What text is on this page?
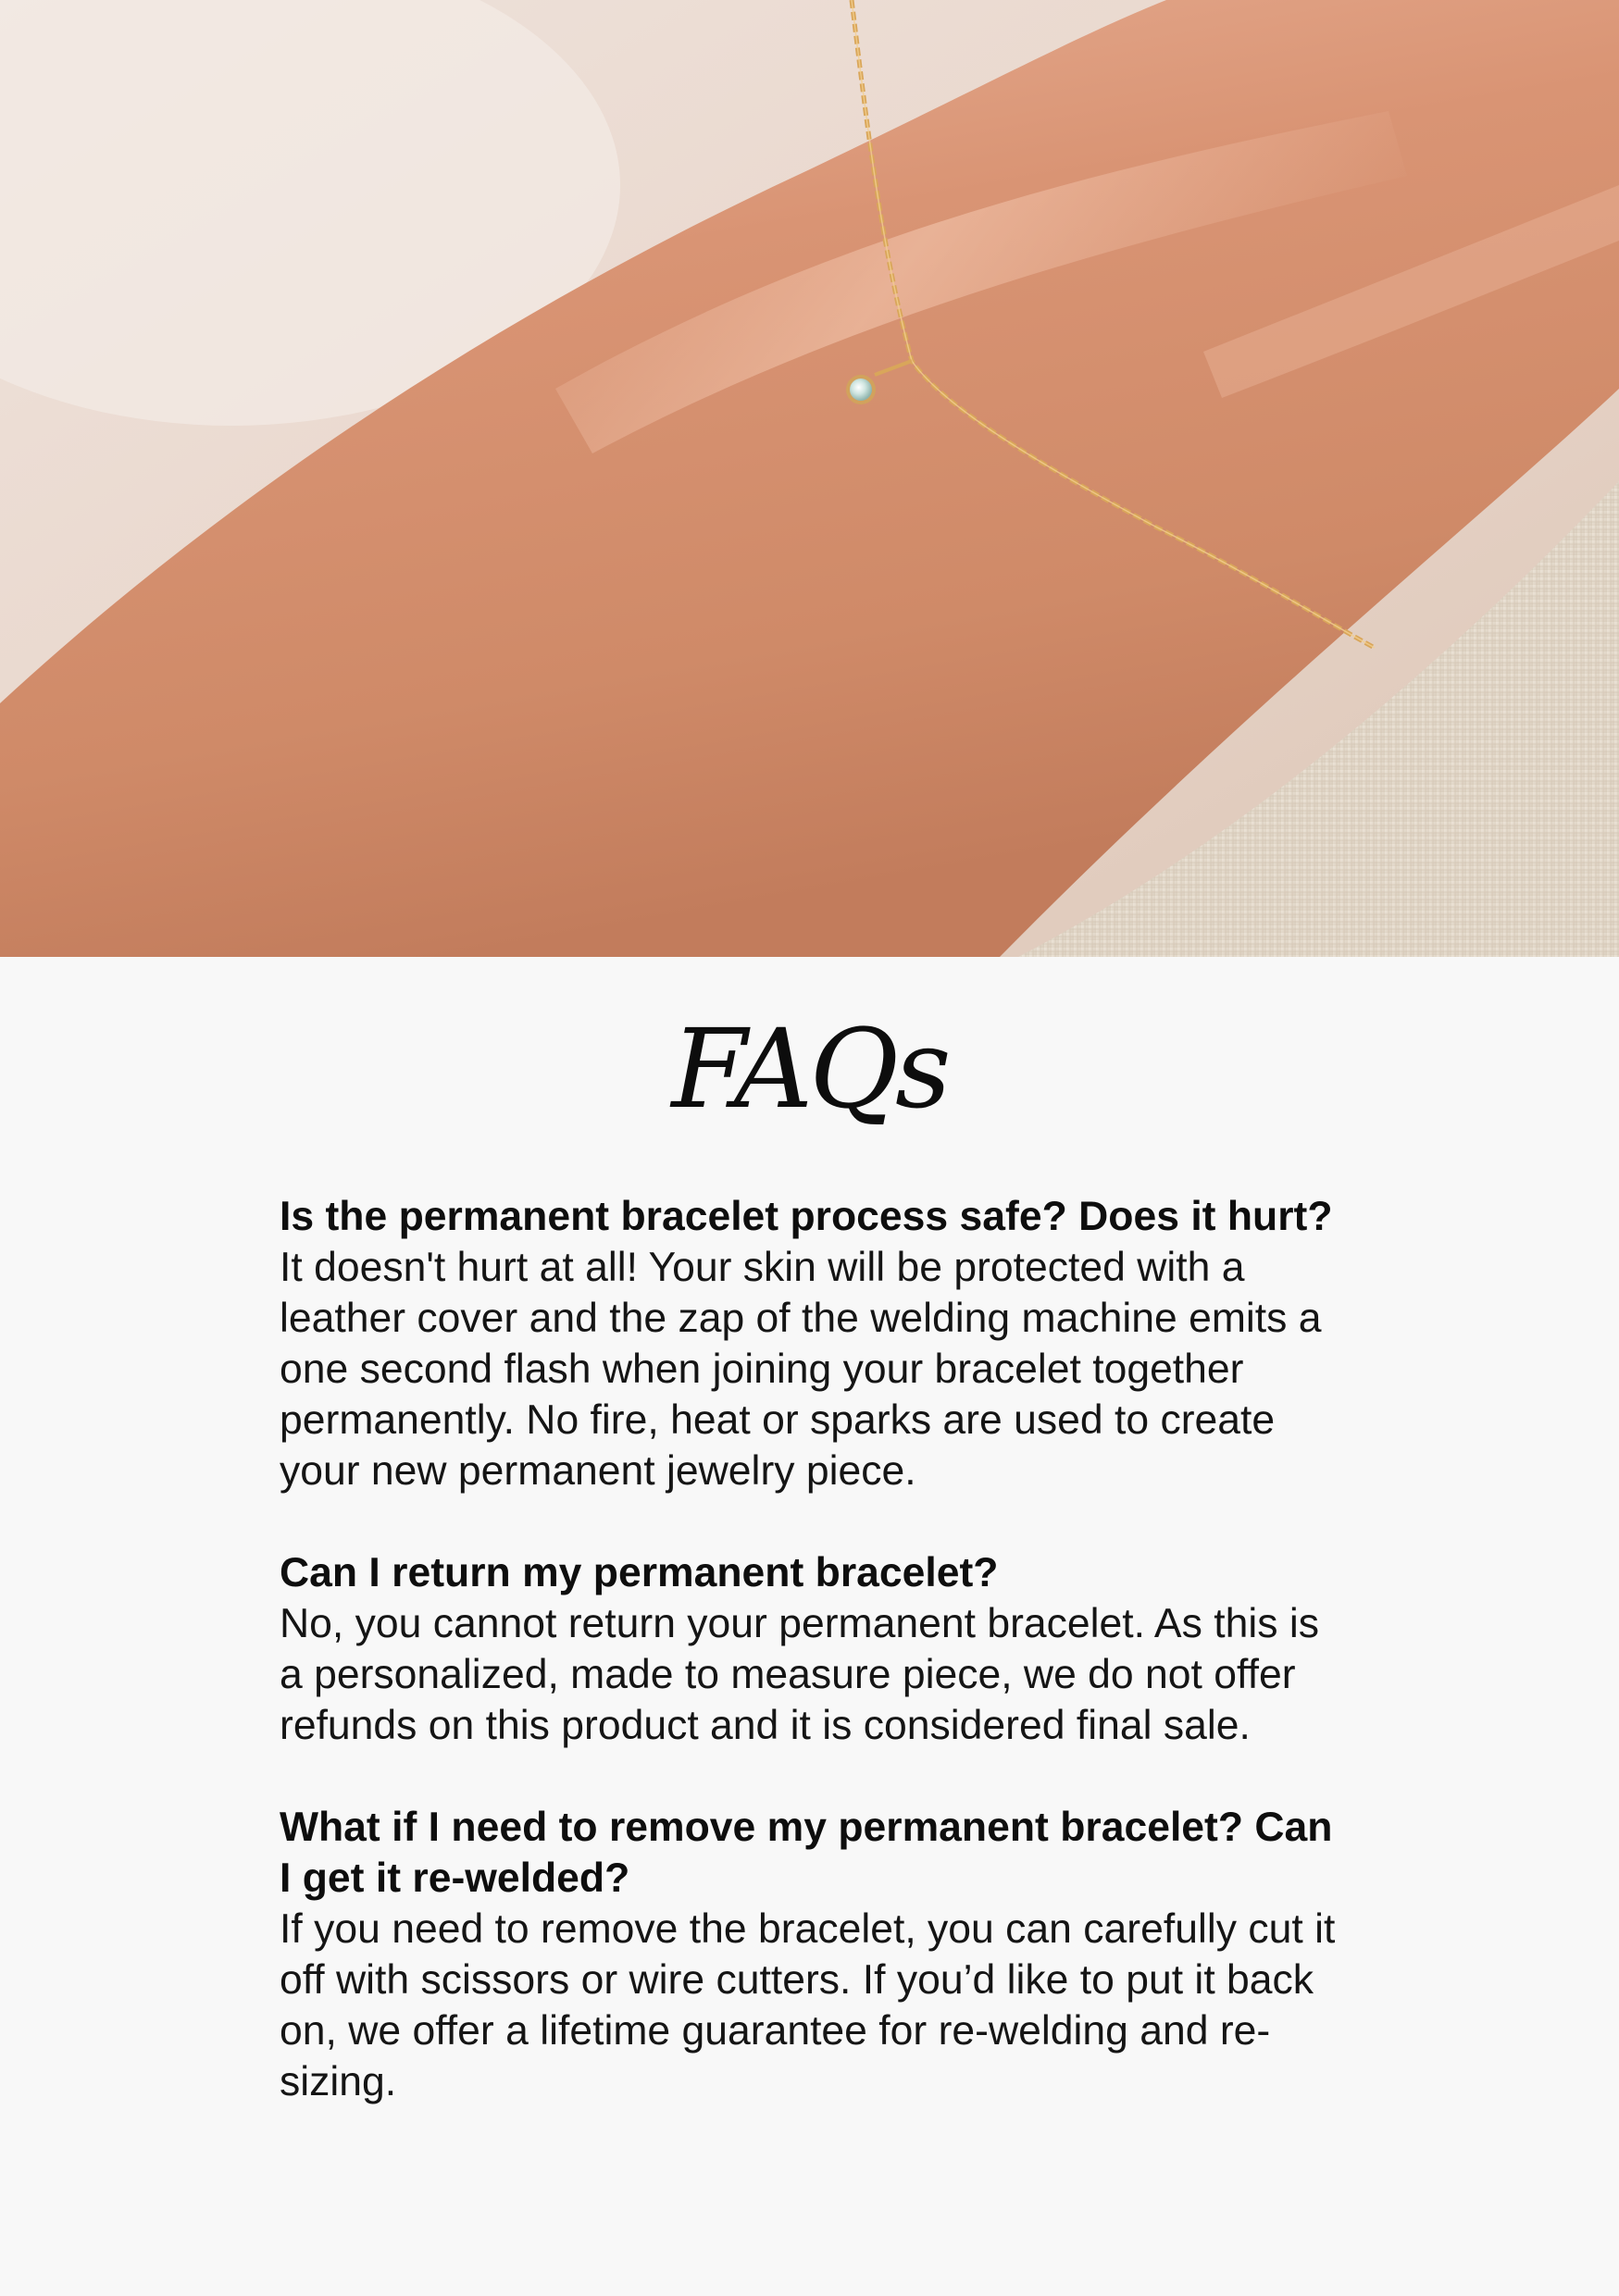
FAQs

Is the permanent bracelet process safe? Does it hurt?

It doesn't hurt at all! Your skin will be protected with a leather cover and the zap of the welding machine emits a one second flash when joining your bracelet together permanently. No fire, heat or sparks are used to create your new permanent jewelry piece.

Can I return my permanent bracelet?

No, you cannot return your permanent bracelet. As this is a personalized, made to measure piece, we do not offer refunds on this product and it is considered final sale.

What if I need to remove my permanent bracelet? Can I get it re-welded?

If you need to remove the bracelet, you can carefully cut it off with scissors or wire cutters. If you’d like to put it back on, we offer a lifetime guarantee for re-welding and re-sizing.
